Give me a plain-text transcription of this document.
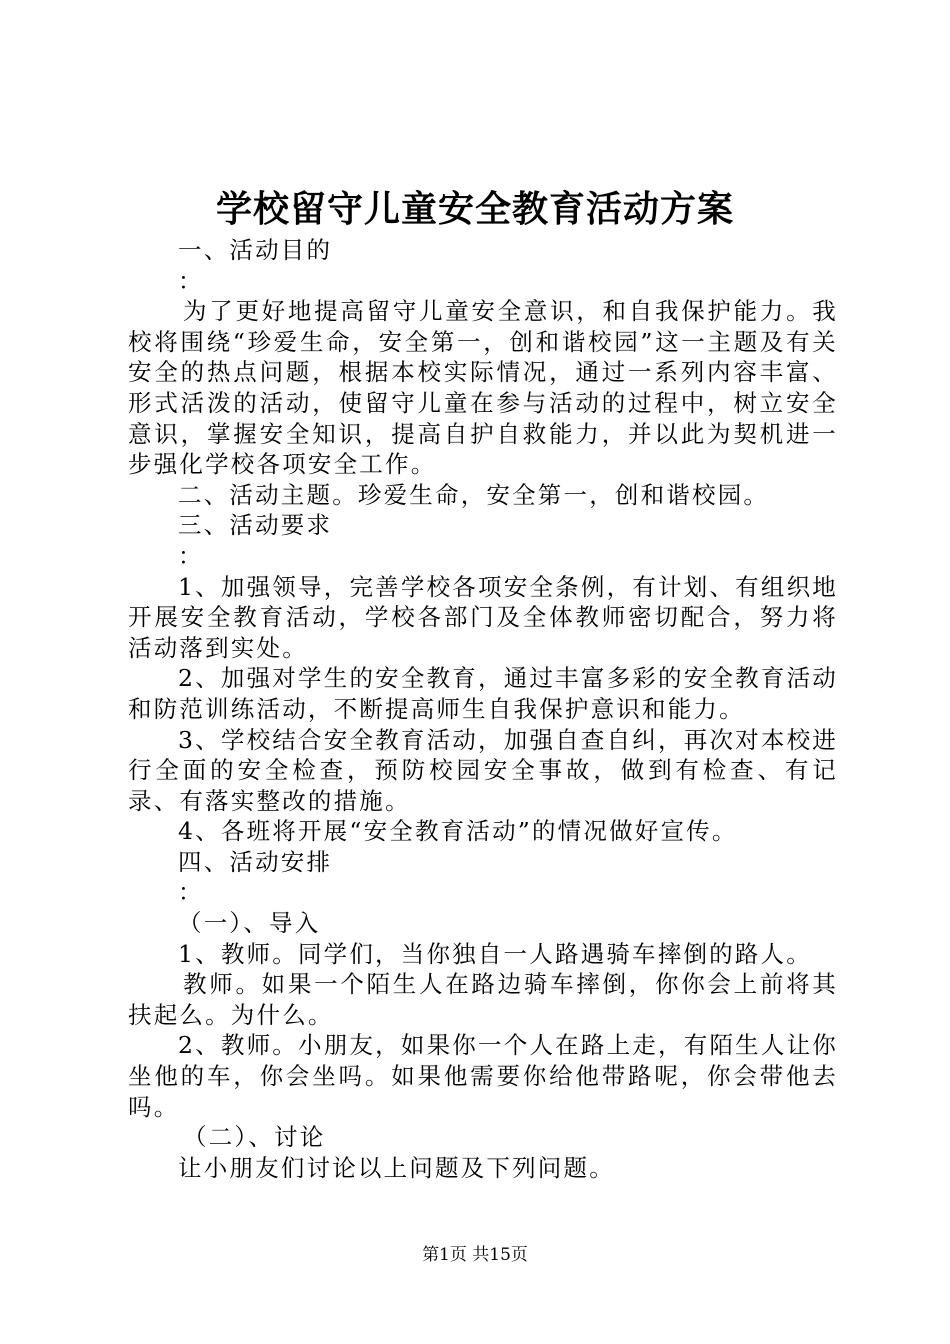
学校留守儿童安全教育活动方案

一、活动目的

：

为了更好地提高留守儿童安全意识，和自我保护能力。我校将围绕“珍爱生命，安全第一，创和谐校园”这一主题及有关安全的热点问题，根据本校实际情况，通过一系列内容丰富、形式活泼的活动，使留守儿童在参与活动的过程中，树立安全意识，掌握安全知识，提高自护自救能力，并以此为契机进一步强化学校各项安全工作。

二、活动主题。珍爱生命，安全第一，创和谐校园。

三、活动要求

：

1、加强领导，完善学校各项安全条例，有计划、有组织地开展安全教育活动，学校各部门及全体教师密切配合，努力将活动落到实处。

2、加强对学生的安全教育，通过丰富多彩的安全教育活动和防范训练活动，不断提高师生自我保护意识和能力。

3、学校结合安全教育活动，加强自查自纠，再次对本校进行全面的安全检查，预防校园安全事故，做到有检查、有记录、有落实整改的措施。

4、各班将开展“安全教育活动”的情况做好宣传。

四、活动安排

：

（一）、导入

1、教师。同学们，当你独自一人路遇骑车摔倒的路人。

教师。如果一个陌生人在路边骑车摔倒，你你会上前将其扶起么。为什么。

2、教师。小朋友，如果你一个人在路上走，有陌生人让你坐他的车，你会坐吗。如果他需要你给他带路呢，你会带他去吗。

（二）、讨论

让小朋友们讨论以上问题及下列问题。

第1页 共15页
